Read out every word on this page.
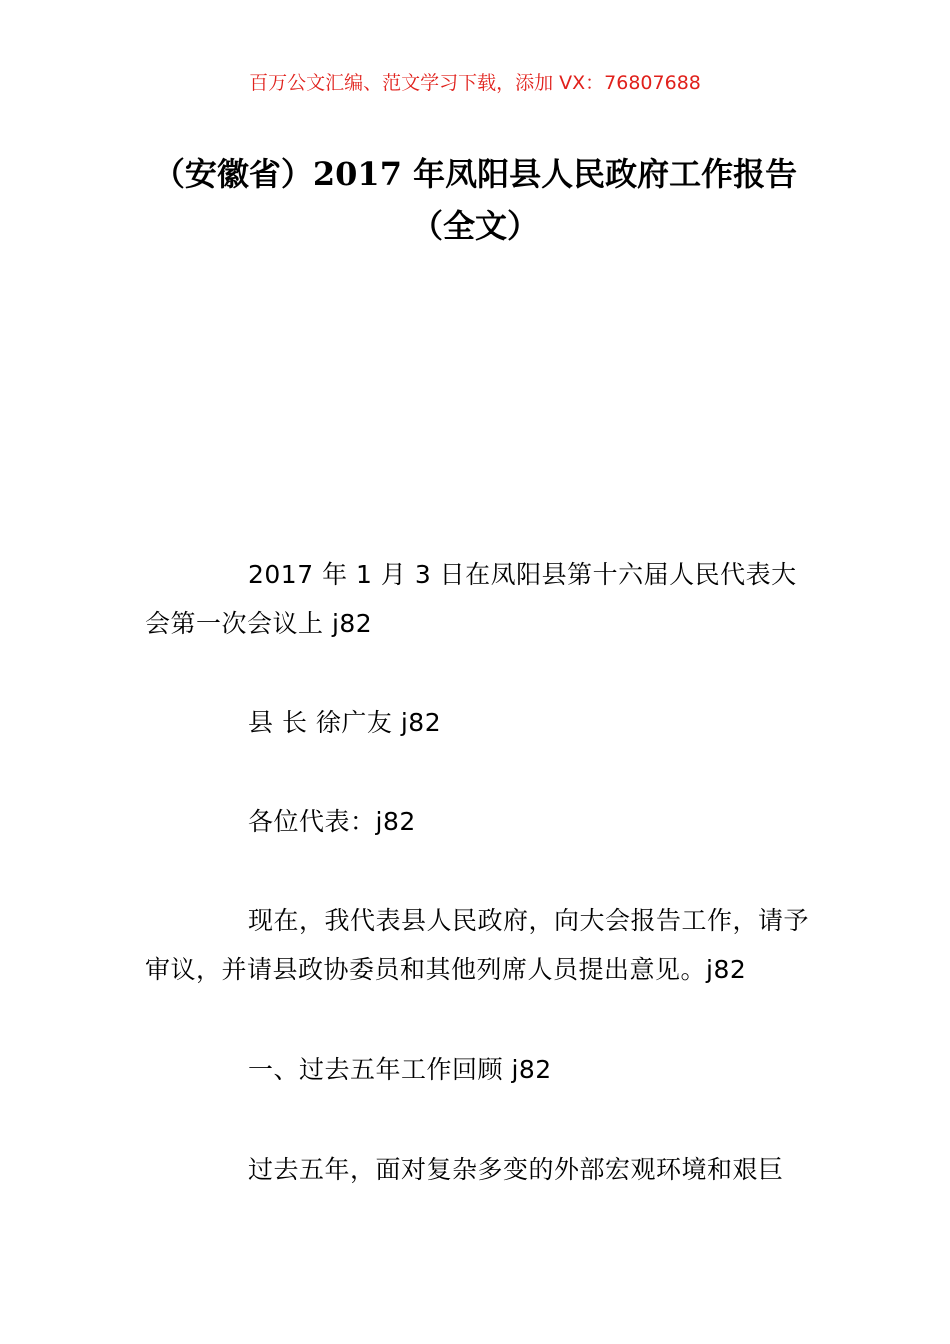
百万公文汇编、范文学习下载，添加 VX：76807688
（安徽省）2017 年凤阳县人民政府工作报告（全文）
2017 年 1 月 3 日在凤阳县第十六届人民代表大会第一次会议上 j82
县 长 徐广友 j82
各位代表：j82
现在，我代表县人民政府，向大会报告工作，请予审议，并请县政协委员和其他列席人员提出意见。j82
一、过去五年工作回顾 j82
过去五年，面对复杂多变的外部宏观环境和艰巨
